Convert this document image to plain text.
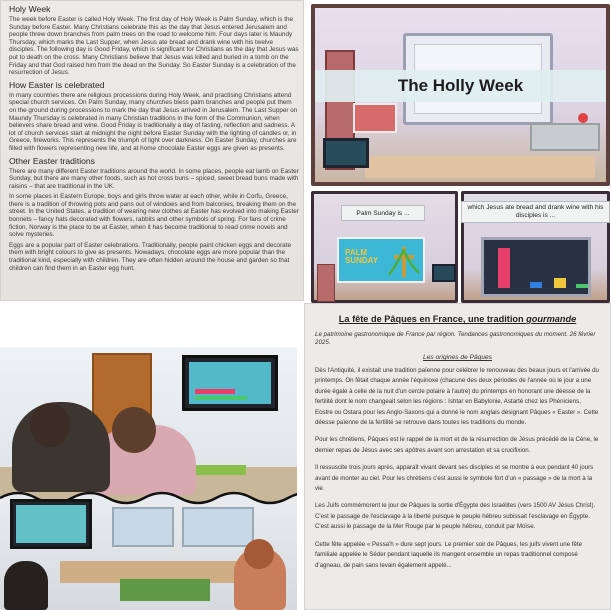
Holy Week

The week before Easter is called Holy Week. The first day of Holy Week is Palm Sunday, which is the Sunday before Easter. Many Christians celebrate this as the day that Jesus entered Jerusalem and people threw down branches from palm trees on the road to welcome him. Four days later is Maundy Thursday, which marks the Last Supper, when Jesus ate bread and drank wine with his twelve disciples. The following day is Good Friday, which is significant for Christians as the day that Jesus was put to death on the cross. Many Christians believe that Jesus was killed and buried in a tomb on the Friday and that God raised him from the dead on the Sunday. So Easter Sunday is a celebration of the resurrection of Jesus.

How Easter is celebrated

In many countries there are religious processions during Holy Week, and practising Christians attend special church services. On Palm Sunday, many churches bless palm branches and people put them on the ground during processions to mark the day that Jesus arrived in Jerusalem. The Last Supper on Maundy Thursday is celebrated in many Christian traditions in the form of the Communion, when believers share bread and wine. Good Friday is traditionally a day of fasting, reflection and sadness. A lot of church services start at midnight the night before Easter Sunday with the lighting of candles or, in Greece, fireworks. This represents the triumph of light over darkness. On Easter Sunday, churches are filled with flowers representing new life, and at home chocolate Easter eggs are given as presents.

Other Easter traditions

There are many different Easter traditions around the world. In some places, people eat lamb on Easter Sunday, but there are many other foods, such as hot cross buns – spiced, sweet bread buns made with raisins – that are traditional in the UK.

In some places in Eastern Europe, boys and girls throw water at each other, while in Corfu, Greece, there is a tradition of throwing pots and pans out of windows and from balconies, breaking them on the street. In the United States, a tradition of wearing new clothes at Easter has evolved into making Easter bonnets – fancy hats decorated with flowers, rabbits and other symbols of spring. For fans of crime fiction, Norway is the place to be at Easter, when it has become traditional to read crime novels and solve mysteries.

Eggs are a popular part of Easter celebrations. Traditionally, people paint chicken eggs and decorate them with bright colours to give as presents. Nowadays, chocolate eggs are more popular than the traditional kind, especially with children. They are often hidden around the house and garden so that children can find them in an Easter egg hunt.

The Holly Week
Palm Sunday is ...
PALM
SUNDAY
which Jesus ate bread and drank wine with his disciples is ...
La fête de Pâques en France, une tradition gourmande
Le patrimoine gastronomique de France par région. Tendances gastronomiques du moment. 26 février 2025.
Les origines de Pâques

Dès l'Antiquité, il existait une tradition païenne pour célébrer le renouveau des beaux jours et l'arrivée du printemps. On fêtait chaque année l'équinoxe (chacune des deux périodes de l'année où le jour a une durée égale à celle de la nuit d'un cercle polaire à l'autre) du printemps en honorant une déesse de la fertilité dont le nom changeait selon les régions : Ishtar en Babylonie, Astarté chez les Phéniciens, Eostre ou Ostara pour les Anglo-Saxons qui a donné le nom anglais désignant Pâques « Easter ». Cette déesse païenne de la fertilité se retrouve dans toutes les traditions du monde.

Pour les chrétiens, Pâques est le rappel de la mort et de la résurrection de Jésus précédé de la Cène, le dernier repas de Jésus avec ses apôtres avant son arrestation et sa crucifixion.

Il ressuscite trois jours après, apparaît vivant devant ses disciples et se montre à eux pendant 40 jours avant de monter au ciel. Pour les chrétiens c'est aussi le symbole fort d'un « passage » de la mort à la vie.

Les Juifs commémorent le jour de Pâques la sortie d'Égypte des Israélites (vers 1500 AV Jésus Christ). C'est le passage de l'esclavage à la liberté puisque le peuple hébreu subissait l'esclavage en Égypte. C'est aussi le passage de la Mer Rouge par le peuple hébreu, conduit par Moïse.

Cette fête appelée « Pessa'h » dure sept jours. Le premier soir de Pâques, les juifs vivent une fête familiale appelée le Séder pendant laquelle ils mangent ensemble un repas traditionnel composé d'agneau, de pain sans levain également appelé...
